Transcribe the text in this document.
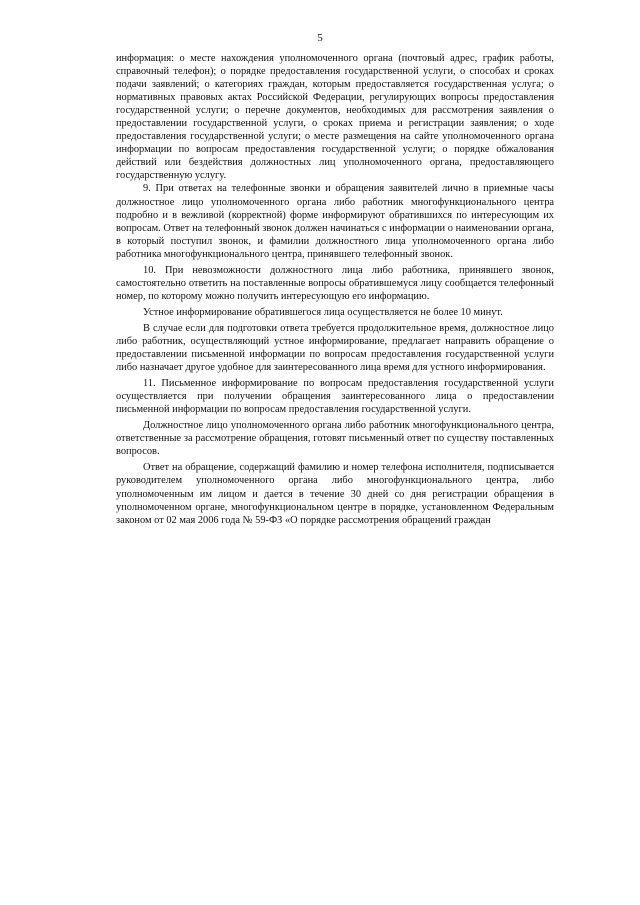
5

информация: о месте нахождения уполномоченного органа (почтовый адрес, график работы, справочный телефон); о порядке предоставления государственной услуги, о способах и сроках подачи заявлений; о категориях граждан, которым предоставляется государственная услуга; о нормативных правовых актах Российской Федерации, регулирующих вопросы предоставления государственной услуги; о перечне документов, необходимых для рассмотрения заявления о предоставлении государственной услуги, о сроках приема и регистрации заявления; о ходе предоставления государственной услуги; о месте размещения на сайте уполномоченного органа информации по вопросам предоставления государственной услуги; о порядке обжалования действий или бездействия должностных лиц уполномоченного органа, предоставляющего государственную услугу.

9. При ответах на телефонные звонки и обращения заявителей лично в приемные часы должностное лицо уполномоченного органа либо работник многофункционального центра подробно и в вежливой (корректной) форме информируют обратившихся по интересующим их вопросам. Ответ на телефонный звонок должен начинаться с информации о наименовании органа, в который поступил звонок, и фамилии должностного лица уполномоченного органа либо работника многофункционального центра, принявшего телефонный звонок.

10. При невозможности должностного лица либо работника, принявшего звонок, самостоятельно ответить на поставленные вопросы обратившемуся лицу сообщается телефонный номер, по которому можно получить интересующую его информацию.

Устное информирование обратившегося лица осуществляется не более 10 минут.

В случае если для подготовки ответа требуется продолжительное время, должностное лицо либо работник, осуществляющий устное информирование, предлагает направить обращение о предоставлении письменной информации по вопросам предоставления государственной услуги либо назначает другое удобное для заинтересованного лица время для устного информирования.

11. Письменное информирование по вопросам предоставления государственной услуги осуществляется при получении обращения заинтересованного лица о предоставлении письменной информации по вопросам предоставления государственной услуги.

Должностное лицо уполномоченного органа либо работник многофункционального центра, ответственные за рассмотрение обращения, готовят письменный ответ по существу поставленных вопросов.

Ответ на обращение, содержащий фамилию и номер телефона исполнителя, подписывается руководителем уполномоченного органа либо многофункционального центра, либо уполномоченным им лицом и дается в течение 30 дней со дня регистрации обращения в уполномоченном органе, многофункциональном центре в порядке, установленном Федеральным законом от 02 мая 2006 года № 59-ФЗ «О порядке рассмотрения обращений граждан
